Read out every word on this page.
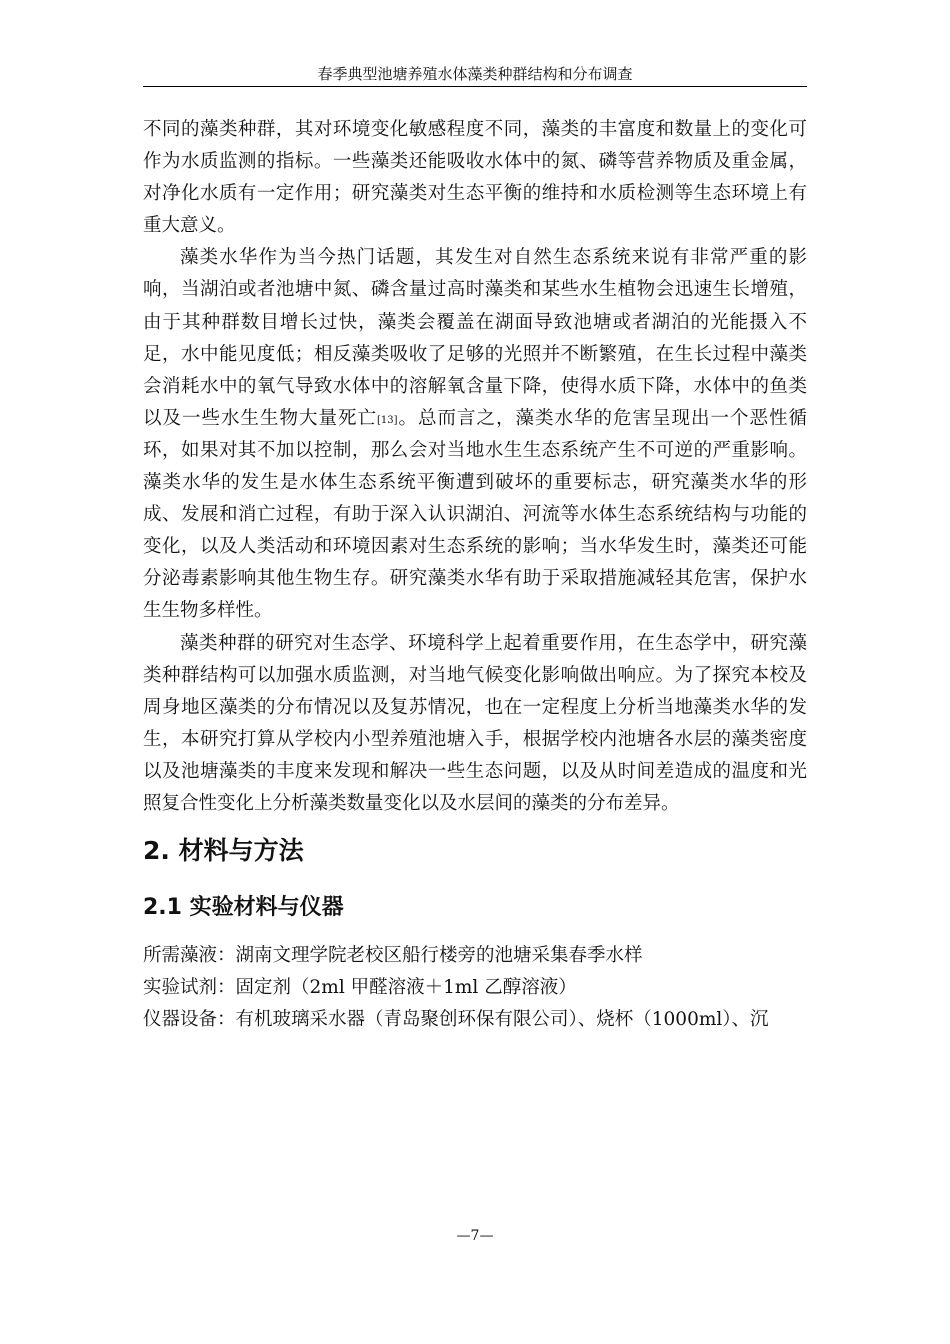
春季典型池塘养殖水体藻类种群结构和分布调查

不同的藻类种群，其对环境变化敏感程度不同，藻类的丰富度和数量上的变化可作为水质监测的指标。一些藻类还能吸收水体中的氮、磷等营养物质及重金属，对净化水质有一定作用；研究藻类对生态平衡的维持和水质检测等生态环境上有重大意义。

藻类水华作为当今热门话题，其发生对自然生态系统来说有非常严重的影响，当湖泊或者池塘中氮、磷含量过高时藻类和某些水生植物会迅速生长增殖，由于其种群数目增长过快，藻类会覆盖在湖面导致池塘或者湖泊的光能摄入不足，水中能见度低；相反藻类吸收了足够的光照并不断繁殖，在生长过程中藻类会消耗水中的氧气导致水体中的溶解氧含量下降，使得水质下降，水体中的鱼类以及一些水生生物大量死亡[13]。总而言之，藻类水华的危害呈现出一个恶性循环，如果对其不加以控制，那么会对当地水生生态系统产生不可逆的严重影响。藻类水华的发生是水体生态系统平衡遭到破坏的重要标志，研究藻类水华的形成、发展和消亡过程，有助于深入认识湖泊、河流等水体生态系统结构与功能的变化，以及人类活动和环境因素对生态系统的影响；当水华发生时，藻类还可能分泌毒素影响其他生物生存。研究藻类水华有助于采取措施减轻其危害，保护水生生物多样性。

藻类种群的研究对生态学、环境科学上起着重要作用，在生态学中，研究藻类种群结构可以加强水质监测，对当地气候变化影响做出响应。为了探究本校及周身地区藻类的分布情况以及复苏情况，也在一定程度上分析当地藻类水华的发生，本研究打算从学校内小型养殖池塘入手，根据学校内池塘各水层的藻类密度以及池塘藻类的丰度来发现和解决一些生态问题，以及从时间差造成的温度和光照复合性变化上分析藻类数量变化以及水层间的藻类的分布差异。

2. 材料与方法
2.1 实验材料与仪器

所需藻液：湖南文理学院老校区船行楼旁的池塘采集春季水样

实验试剂：固定剂（2ml 甲醛溶液＋1ml 乙醇溶液）

仪器设备：有机玻璃采水器（青岛聚创环保有限公司）、烧杯（1000ml）、沉

—7—
